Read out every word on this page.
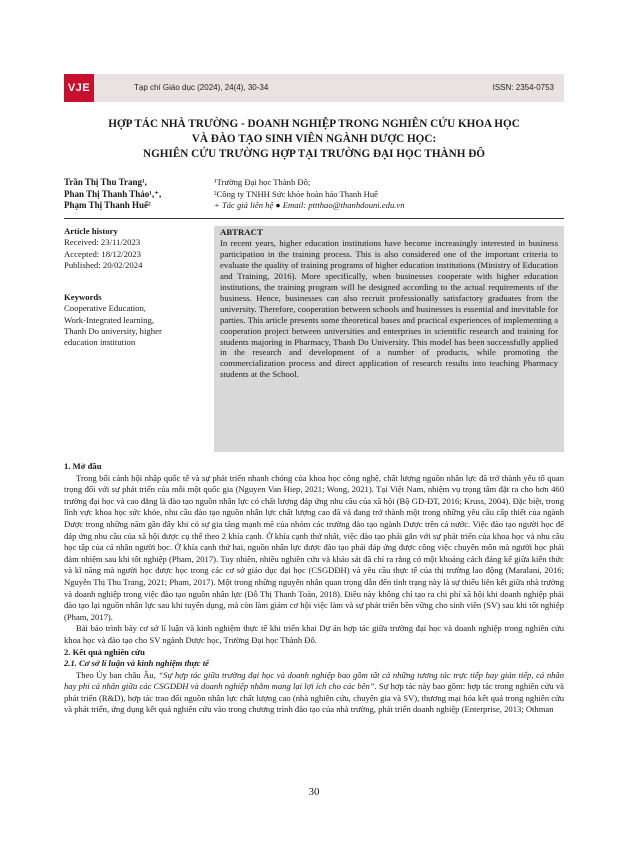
VJE	Tạp chí Giáo dục (2024), 24(4), 30-34	ISSN: 2354-0753
HỢP TÁC NHÀ TRƯỜNG - DOANH NGHIỆP TRONG NGHIÊN CỨU KHOA HỌC
VÀ ĐÀO TẠO SINH VIÊN NGÀNH DƯỢC HỌC:
NGHIÊN CỨU TRƯỜNG HỢP TẠI TRƯỜNG ĐẠI HỌC THÀNH ĐÔ
Trần Thị Thu Trang¹,
Phan Thị Thanh Thảo¹,⁺,
Phạm Thị Thanh Huế²
¹Trường Đại học Thành Đô;
²Công ty TNHH Sức khỏe hoàn hảo Thanh Huế
+ Tác giả liên hệ ● Email: pttthao@thanhdouni.edu.vn
Article history
Received: 23/11/2023
Accepted: 18/12/2023
Published: 20/02/2024
Keywords
Cooperative Education,
Work-Integrated learning,
Thanh Do university, higher
education institution
ABTRACT
In recent years, higher education institutions have become increasingly interested in business participation in the training process. This is also considered one of the important criteria to evaluate the quality of training programs of higher education institutions (Ministry of Education and Training, 2016). More specifically, when businesses cooperate with higher education institutions, the training program will be designed according to the actual requirements of the business. Hence, businesses can also recruit professionally satisfactory graduates from the university. Therefore, cooperation between schools and businesses is essential and inevitable for parties. This article presents some theoretical bases and practical experiences of implementing a cooperation project between universities and enterprises in scientific research and training for students majoring in Pharmacy, Thanh Do University. This model has been successfully applied in the research and development of a number of products, while promoting the commercialization process and direct application of research results into teaching Pharmacy students at the School.

1. Mở đầu

Trong bối cảnh hội nhập quốc tế và sự phát triển nhanh chóng của khoa học công nghệ, chất lượng nguồn nhân lực đã trở thành yếu tố quan trọng đối với sự phát triển của mỗi một quốc gia (Nguyen Van Hiep, 2021; Wong, 2021). Tại Việt Nam, nhiệm vụ trọng tâm đặt ra cho hơn 460 trường đại học và cao đẳng là đào tạo nguồn nhân lực có chất lượng đáp ứng nhu cầu của xã hội (Bộ GD-ĐT, 2016; Kruss, 2004). Đặc biệt, trong lĩnh vực khoa học sức khỏe, nhu cầu đào tạo nguồn nhân lực chất lượng cao đã và đang trở thành một trong những yêu cầu cấp thiết của ngành Dược trong những năm gần đây khi có sự gia tăng mạnh mẽ của nhóm các trường đào tạo ngành Dược trên cả nước. Việc đào tạo người học để đáp ứng nhu cầu của xã hội được cụ thể theo 2 khía cạnh. Ở khía cạnh thứ nhất, việc đào tạo phải gắn với sự phát triển của khoa học và nhu cầu học tập của cá nhân người học. Ở khía cạnh thứ hai, nguồn nhân lực được đào tạo phải đáp ứng được công việc chuyên môn mà người học phải đảm nhiệm sau khi tốt nghiệp (Pham, 2017). Tuy nhiên, nhiều nghiên cứu và khảo sát đã chỉ ra rằng có một khoảng cách đáng kể giữa kiến thức và kĩ năng mà người học được học trong các cơ sở giáo dục đại học (CSGDĐH) và yêu cầu thực tế của thị trường lao động (Maralani, 2016; Nguyễn Thị Thu Trang, 2021; Pham, 2017). Một trong những nguyên nhân quan trọng dẫn đến tình trạng này là sự thiếu liên kết giữa nhà trường và doanh nghiệp trong việc đào tạo nguồn nhân lực (Đỗ Thị Thanh Toàn, 2018). Điều này không chỉ tạo ra chi phí xã hội khi doanh nghiệp phải đào tạo lại nguồn nhân lực sau khi tuyển dụng, mà còn làm giảm cơ hội việc làm và sự phát triển bền vững cho sinh viên (SV) sau khi tốt nghiệp (Pham, 2017).

Bài báo trình bày cơ sở lí luận và kinh nghiệm thực tế khi triển khai Dự án hợp tác giữa trường đại học và doanh nghiệp trong nghiên cứu khoa học và đào tạo cho SV ngành Dược học, Trường Đại học Thành Đô.

2. Kết quả nghiên cứu

2.1. Cơ sở lí luận và kinh nghiệm thực tế

Theo Ủy ban châu Âu, “Sự hợp tác giữa trường đại học và doanh nghiệp bao gồm tất cả những tương tác trực tiếp hay gián tiếp, cá nhân hay phi cá nhân giữa các CSGDĐH và doanh nghiệp nhằm mang lại lợi ích cho các bên”. Sự hợp tác này bao gồm: hợp tác trong nghiên cứu và phát triển (R&D), hợp tác trao đổi nguồn nhân lực chất lượng cao (nhà nghiên cứu, chuyên gia và SV), thương mại hóa kết quả trong nghiên cứu và phát triển, ứng dụng kết quả nghiên cứu vào trong chương trình đào tạo của nhà trường, phát triển doanh nghiệp (Enterprise, 2013; Othman

30
